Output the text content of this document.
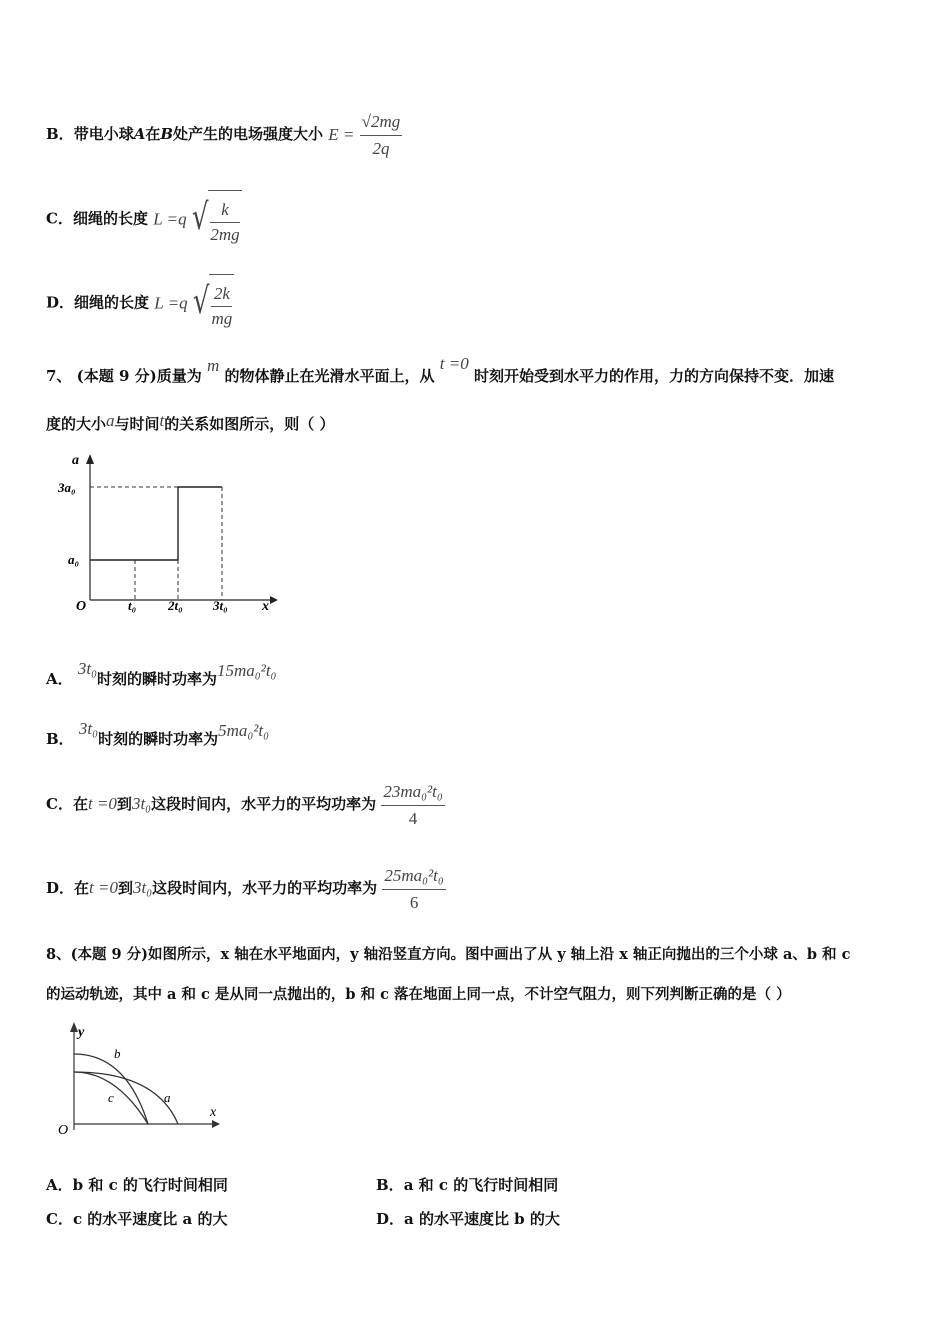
B．带电小球A在B处产生的电场强度大小 $E = \frac{√2mg}{2q}$
C．细绳的长度 L =q √ $\frac{k}{2mg}$
D．细绳的长度 L =q √ $\frac{2k}{mg}$
7、 (本题 9 分)质量为 m 的物体静止在光滑水平面上，从 t =0 时刻开始受到水平力的作用，力的方向保持不变．加速
度的大小a与时间t的关系如图所示，则（ ）
a
x
O
3a₀
a₀
t₀ 2t₀ 3t₀
A． 3t₀时刻的瞬时功率为15ma₀²t₀
B． 3t₀时刻的瞬时功率为5ma₀²t₀
C．在t =0到3t₀这段时间内，水平力的平均功率为 $\frac{\text{23ma₀²t₀}}{4}$
D．在t =0到3t₀这段时间内，水平力的平均功率为 $\frac{\text{25ma₀²t₀}}{6}$
8、(本题 9 分)如图所示，x 轴在水平地面内，y 轴沿竖直方向。图中画出了从 y 轴上沿 x 轴正向抛出的三个小球 a、b 和 c
的运动轨迹，其中 a 和 c 是从同一点抛出的，b 和 c 落在地面上同一点，不计空气阻力，则下列判断正确的是（ ）
y
x
O
b
c	a
A．b 和 c 的飞行时间相同	B．a 和 c 的飞行时间相同
C．c 的水平速度比 a 的大	D．a 的水平速度比 b 的大
